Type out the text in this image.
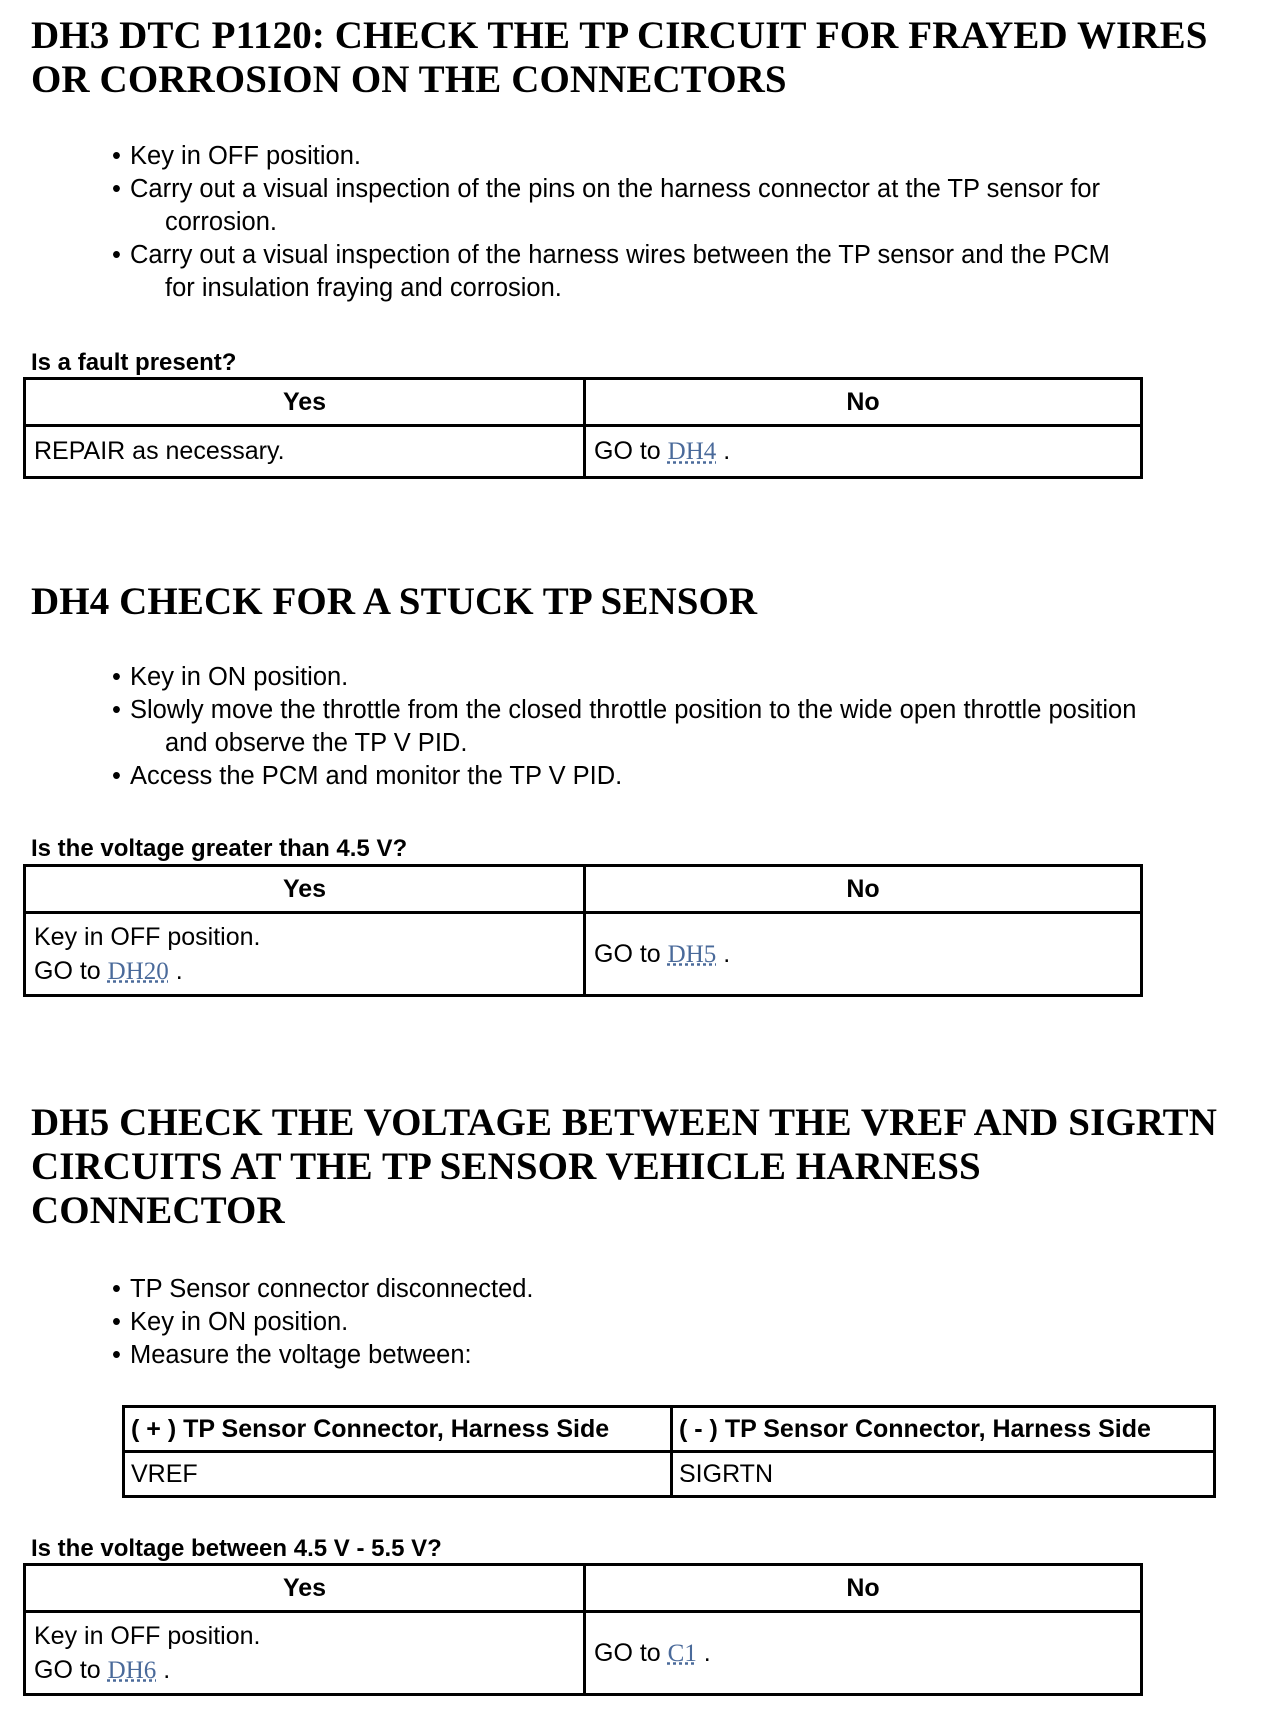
DH3 DTC P1120: CHECK THE TP CIRCUIT FOR FRAYED WIRES
OR CORROSION ON THE CONNECTORS
• Key in OFF position.
• Carry out a visual inspection of the pins on the harness connector at the TP sensor for
corrosion.
• Carry out a visual inspection of the harness wires between the TP sensor and the PCM
for insulation fraying and corrosion.
Is a fault present?
Yes	No
REPAIR as necessary.	GO to DH4 .
DH4 CHECK FOR A STUCK TP SENSOR
• Key in ON position.
• Slowly move the throttle from the closed throttle position to the wide open throttle position
and observe the TP V PID.
• Access the PCM and monitor the TP V PID.
Is the voltage greater than 4.5 V?
Yes	No
Key in OFF position.
GO to DH20 .	GO to DH5 .
DH5 CHECK THE VOLTAGE BETWEEN THE VREF AND SIGRTN
CIRCUITS AT THE TP SENSOR VEHICLE HARNESS
CONNECTOR
• TP Sensor connector disconnected.
• Key in ON position.
• Measure the voltage between:
( + ) TP Sensor Connector, Harness Side	( - ) TP Sensor Connector, Harness Side
VREF	SIGRTN
Is the voltage between 4.5 V - 5.5 V?
Yes	No
Key in OFF position.
GO to DH6 .	GO to C1 .
